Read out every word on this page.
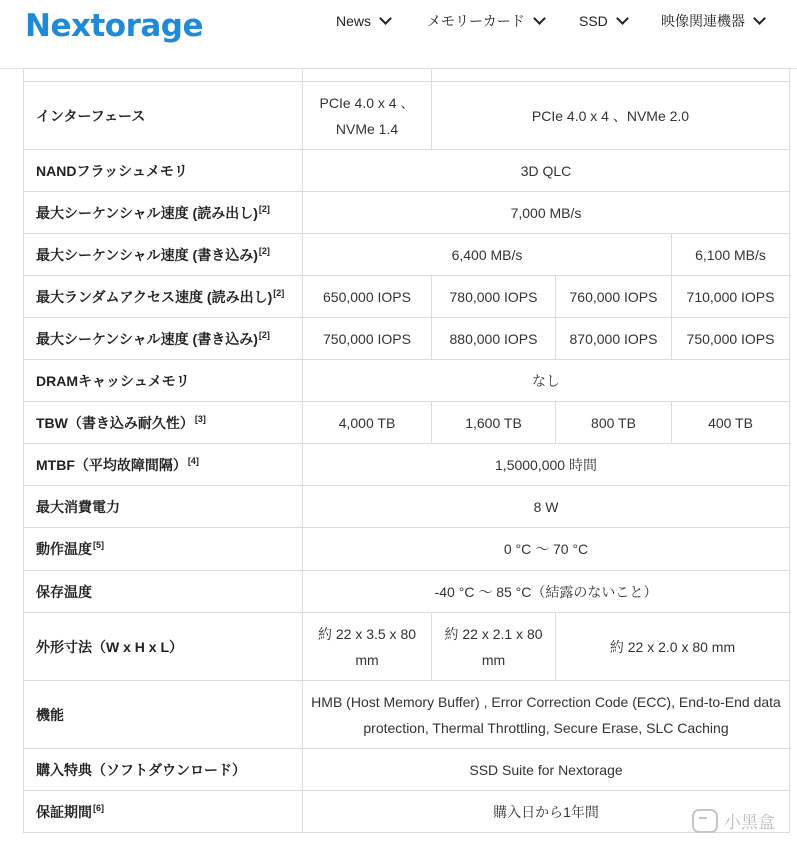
Nextorage	News	メモリーカード	SSD	映像関連機器

インターフェース	PCIe 4.0 x 4 、NVMe 1.4	PCIe 4.0 x 4 、NVMe 2.0		
NANDフラッシュメモリ	3D QLC			
最大シーケンシャル速度 (読み出し)[2]	7,000 MB/s			
最大シーケンシャル速度 (書き込み)[2]	6,400 MB/s			6,100 MB/s
最大ランダムアクセス速度 (読み出し)[2]	650,000 IOPS	780,000 IOPS	760,000 IOPS	710,000 IOPS
最大シーケンシャル速度 (書き込み)[2]	750,000 IOPS	880,000 IOPS	870,000 IOPS	750,000 IOPS
DRAMキャッシュメモリ	なし			
TBW（書き込み耐久性）[3]	4,000 TB	1,600 TB	800 TB	400 TB
MTBF（平均故障間隔）[4]	1,5000,000 時間			
最大消費電力	8 W			
動作温度[5]	0 °C ～ 70 °C			
保存温度	-40 °C ～ 85 °C（結露のないこと）			
外形寸法（W x H x L）	約 22 x 3.5 x 80 mm	約 22 x 2.1 x 80 mm	約 22 x 2.0 x 80 mm	
機能	HMB (Host Memory Buffer) , Error Correction Code (ECC), End-to-End data protection, Thermal Throttling, Secure Erase, SLC Caching			
購入特典（ソフトダウンロード）	SSD Suite for Nextorage			
保証期間[6]	購入日から1年間			
小黑盒
